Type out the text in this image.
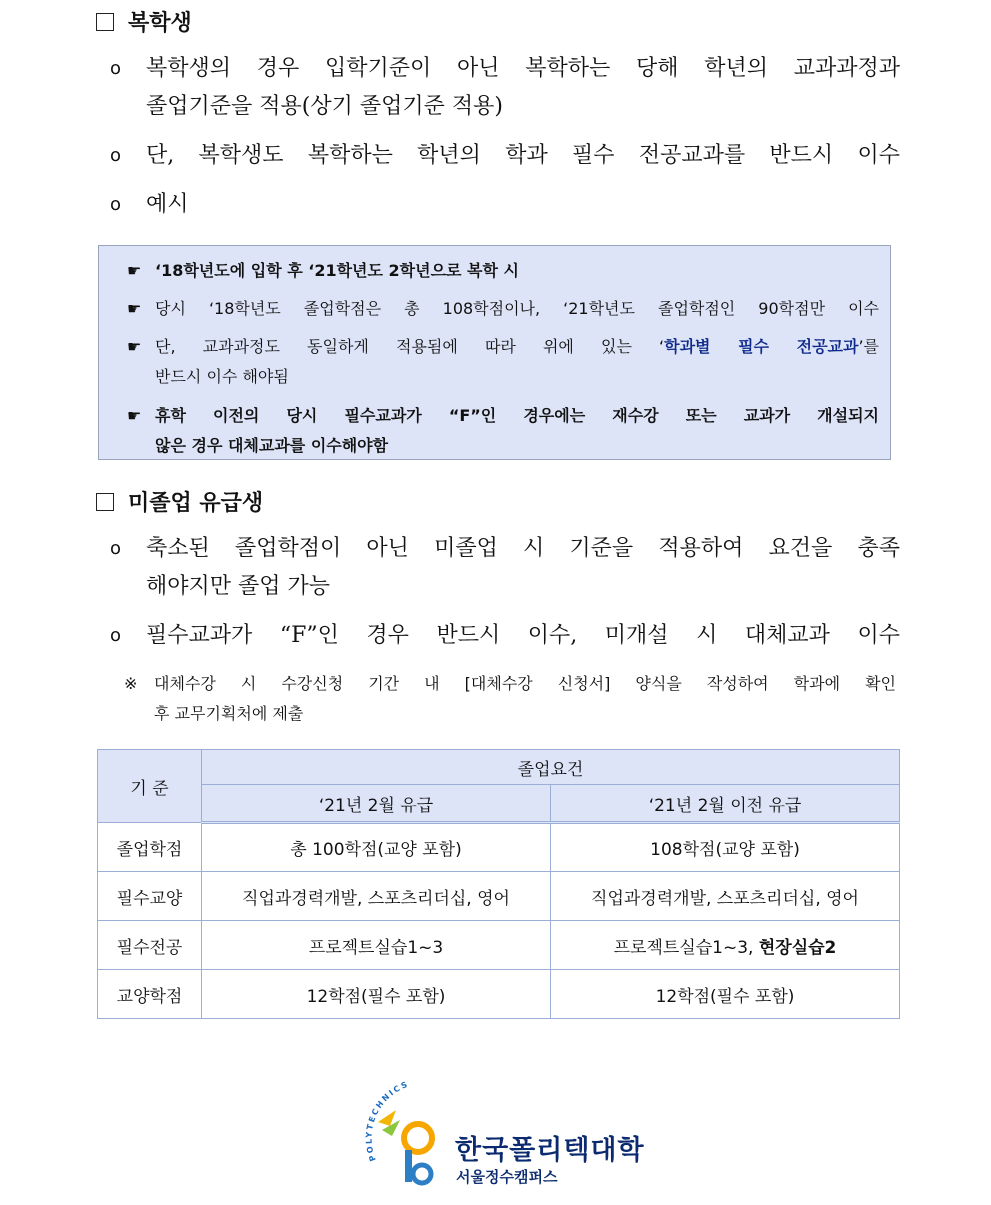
복학생
o 복학생의 경우 입학기준이 아닌 복학하는 당해 학년의 교과과정과
졸업기준을 적용(상기 졸업기준 적용)
o 단, 복학생도 복학하는 학년의 학과 필수 전공교과를 반드시 이수
o 예시
☛ ‘18학년도에 입학 후 ‘21학년도 2학년으로 복학 시
☛ 당시 ‘18학년도 졸업학점은 총 108학점이나, ‘21학년도 졸업학점인 90학점만 이수
☛ 단, 교과과정도 동일하게 적용됨에 따라 위에 있는 ‘학과별 필수 전공교과’를
반드시 이수 해야됨
☛ 휴학 이전의 당시 필수교과가 “F”인 경우에는 재수강 또는 교과가 개설되지
않은 경우 대체교과를 이수해야함
미졸업 유급생
o 축소된 졸업학점이 아닌 미졸업 시 기준을 적용하여 요건을 충족
해야지만 졸업 가능
o 필수교과가 “F”인 경우 반드시 이수, 미개설 시 대체교과 이수
※ 대체수강 시 수강신청 기간 내 [대체수강 신청서] 양식을 작성하여 학과에 확인
후 교무기획처에 제출
기 준	졸업요건	
	‘21년 2월 유급	‘21년 2월 이전 유급
졸업학점	총 100학점(교양 포함)	108학점(교양 포함)
필수교양	직업과경력개발, 스포츠리더십, 영어	직업과경력개발, 스포츠리더십, 영어
필수전공	프로젝트실습1~3	프로젝트실습1~3, 현장실습2
교양학점	12학점(필수 포함)	12학점(필수 포함)
POLYTECHNICS
한국폴리텍대학
서울정수캠퍼스
